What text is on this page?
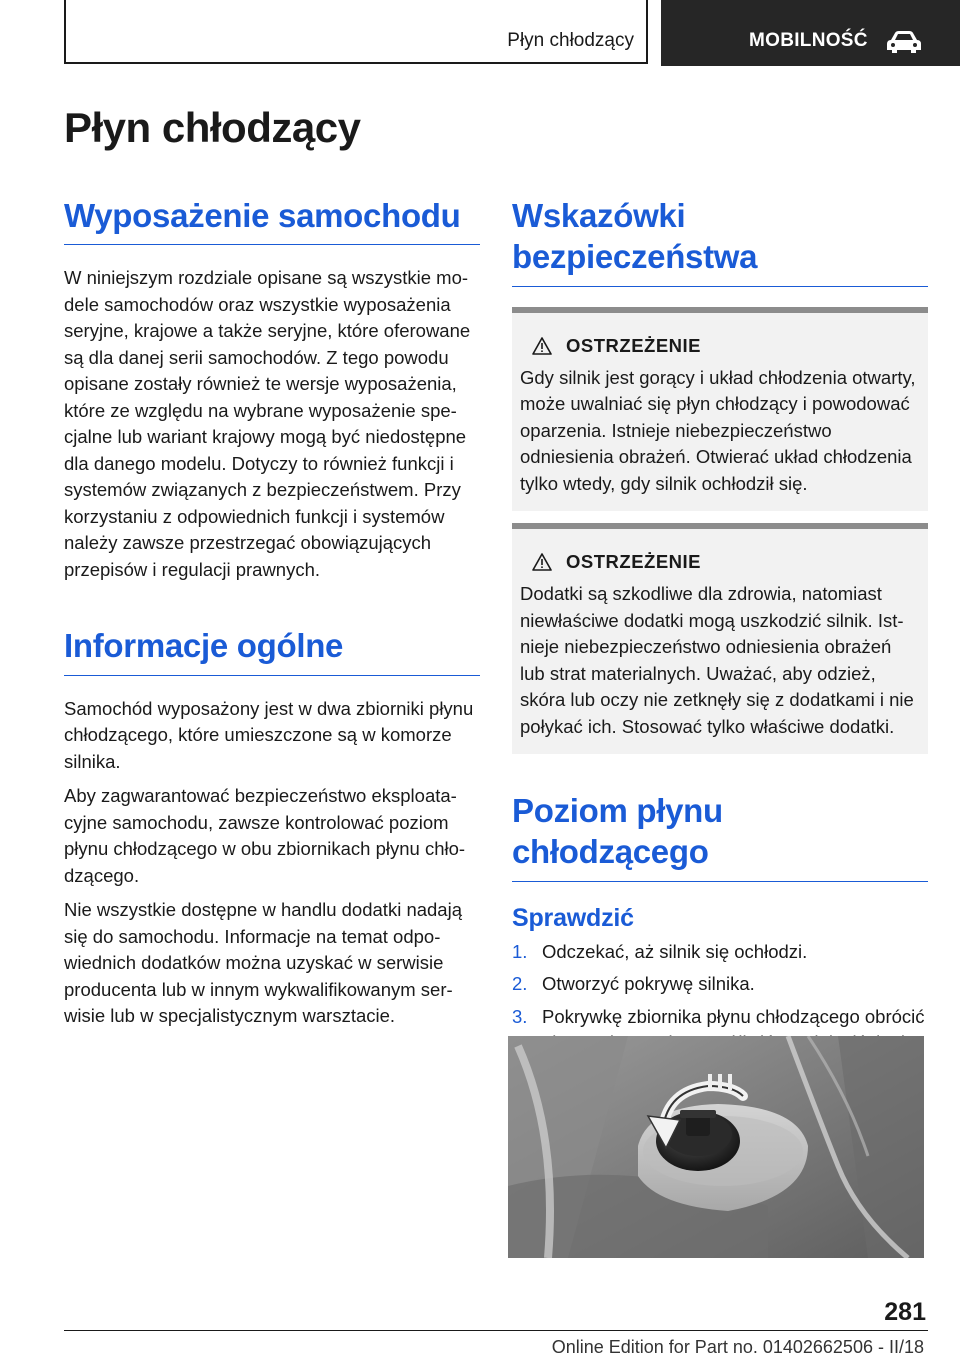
Płyn chłodzący	MOBILNOŚĆ
Płyn chłodzący
Wyposażenie samochodu

W niniejszym rozdziale opisane są wszystkie modele samochodów oraz wszystkie wyposażenia seryjne, krajowe a także seryjne, które oferowane są dla danej serii samochodów. Z tego powodu opisane zostały również te wersje wyposażenia, które ze względu na wybrane wyposażenie specjalne lub wariant krajowy mogą być niedostępne dla danego modelu. Dotyczy to również funkcji i systemów związanych z bezpieczeństwem. Przy korzystaniu z odpowiednich funkcji i systemów należy zawsze przestrzegać obowiązujących przepisów i regulacji prawnych.

Informacje ogólne

Samochód wyposażony jest w dwa zbiorniki płynu chłodzącego, które umieszczone są w komorze silnika.

Aby zagwarantować bezpieczeństwo eksploatacyjne samochodu, zawsze kontrolować poziom płynu chłodzącego w obu zbiornikach płynu chłodzącego.

Nie wszystkie dostępne w handlu dodatki nadają się do samochodu. Informacje na temat odpowiednich dodatków można uzyskać w serwisie producenta lub w innym wykwalifikowanym serwisie lub w specjalistycznym warsztacie.

Wskazówki bezpieczeństwa
OSTRZEŻENIE

Gdy silnik jest gorący i układ chłodzenia otwarty, może uwalniać się płyn chłodzący i powodować oparzenia. Istnieje niebezpieczeństwo odniesienia obrażeń. Otwierać układ chłodzenia tylko wtedy, gdy silnik ochłodził się.

OSTRZEŻENIE

Dodatki są szkodliwe dla zdrowia, natomiast niewłaściwe dodatki mogą uszkodzić silnik. Istnieje niebezpieczeństwo odniesienia obrażeń lub strat materialnych. Uważać, aby odzież, skóra lub oczy nie zetknęły się z dodatkami i nie połykać ich. Stosować tylko właściwe dodatki.

Poziom płynu chłodzącego
Sprawdzić
1. Odczekać, aż silnik się ochłodzi.
2. Otworzyć pokrywę silnika.
3. Pokrywkę zbiornika płynu chłodzącego obrócić
281
Online Edition for Part no. 01402662506 - II/18
